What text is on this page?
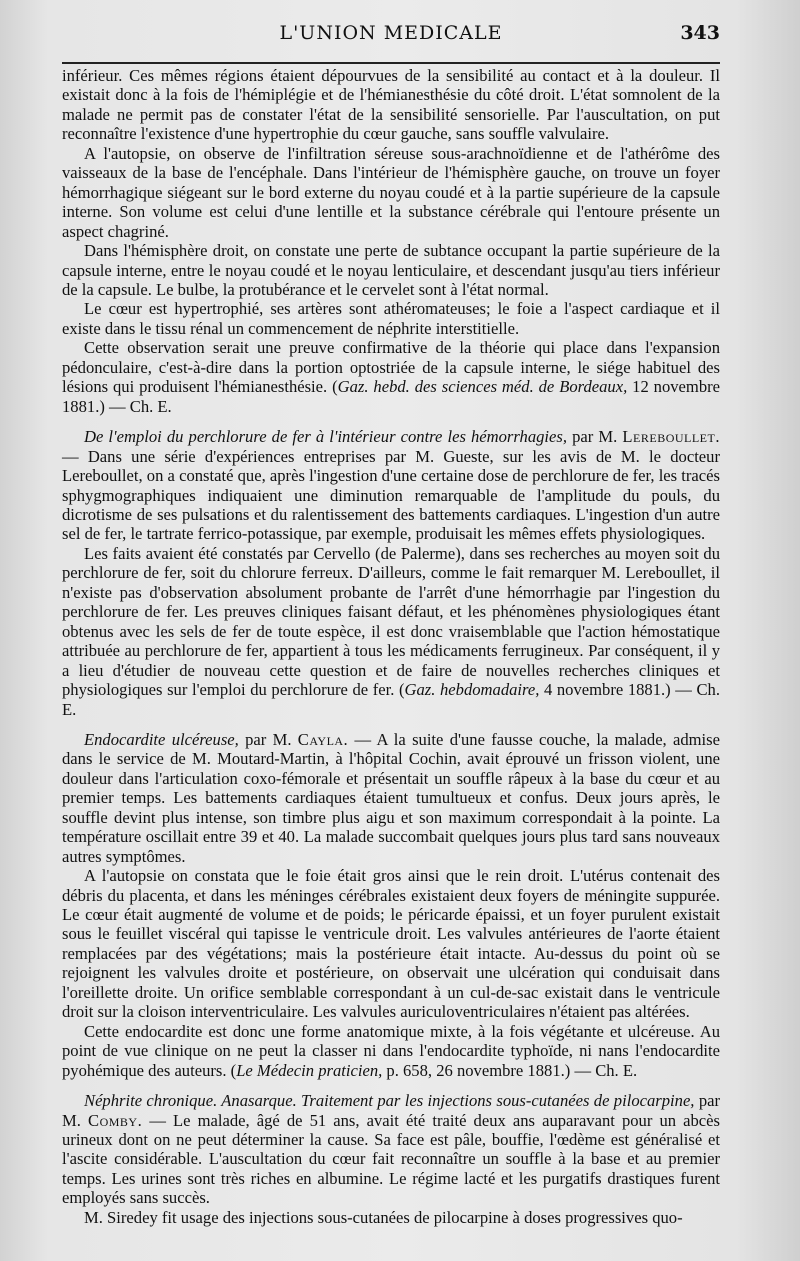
L'UNION MEDICALE	343

inférieur. Ces mêmes régions étaient dépourvues de la sensibilité au contact et à la douleur. Il existait donc à la fois de l'hémiplégie et de l'hémianesthésie du côté droit. L'état somnolent de la malade ne permit pas de constater l'état de la sensibilité sensorielle. Par l'auscultation, on put reconnaître l'existence d'une hypertrophie du cœur gauche, sans souffle valvulaire.

A l'autopsie, on observe de l'infiltration séreuse sous-arachnoïdienne et de l'athérôme des vaisseaux de la base de l'encéphale. Dans l'intérieur de l'hémisphère gauche, on trouve un foyer hémorrhagique siégeant sur le bord externe du noyau coudé et à la partie supérieure de la capsule interne. Son volume est celui d'une lentille et la substance cérébrale qui l'entoure présente un aspect chagriné.

Dans l'hémisphère droit, on constate une perte de subtance occupant la partie supérieure de la capsule interne, entre le noyau coudé et le noyau lenticulaire, et descendant jusqu'au tiers inférieur de la capsule. Le bulbe, la protubérance et le cervelet sont à l'état normal.

Le cœur est hypertrophié, ses artères sont athéromateuses; le foie a l'aspect cardiaque et il existe dans le tissu rénal un commencement de néphrite interstitielle.

Cette observation serait une preuve confirmative de la théorie qui place dans l'expansion pédonculaire, c'est-à-dire dans la portion optostriée de la capsule interne, le siége habituel des lésions qui produisent l'hémianesthésie. (Gaz. hebd. des sciences méd. de Bordeaux, 12 novembre 1881.) — Ch. E.

De l'emploi du perchlorure de fer à l'intérieur contre les hémorrhagies, par M. Lereboullet. — Dans une série d'expériences entreprises par M. Gueste, sur les avis de M. le docteur Lereboullet, on a constaté que, après l'ingestion d'une certaine dose de perchlorure de fer, les tracés sphygmographiques indiquaient une diminution remarquable de l'amplitude du pouls, du dicrotisme de ses pulsations et du ralentissement des battements cardiaques. L'ingestion d'un autre sel de fer, le tartrate ferrico-potassique, par exemple, produisait les mêmes effets physiologiques.

Les faits avaient été constatés par Cervello (de Palerme), dans ses recherches au moyen soit du perchlorure de fer, soit du chlorure ferreux. D'ailleurs, comme le fait remarquer M. Lereboullet, il n'existe pas d'observation absolument probante de l'arrêt d'une hémorrhagie par l'ingestion du perchlorure de fer. Les preuves cliniques faisant défaut, et les phénomènes physiologiques étant obtenus avec les sels de fer de toute espèce, il est donc vraisemblable que l'action hémostatique attribuée au perchlorure de fer, appartient à tous les médicaments ferrugineux. Par conséquent, il y a lieu d'étudier de nouveau cette question et de faire de nouvelles recherches cliniques et physiologiques sur l'emploi du perchlorure de fer. (Gaz. hebdomadaire, 4 novembre 1881.) — Ch. E.

Endocardite ulcéreuse, par M. Cayla. — A la suite d'une fausse couche, la malade, admise dans le service de M. Moutard-Martin, à l'hôpital Cochin, avait éprouvé un frisson violent, une douleur dans l'articulation coxo-fémorale et présentait un souffle râpeux à la base du cœur et au premier temps. Les battements cardiaques étaient tumultueux et confus. Deux jours après, le souffle devint plus intense, son timbre plus aigu et son maximum correspondait à la pointe. La température oscillait entre 39 et 40. La malade succombait quelques jours plus tard sans nouveaux autres symptômes.

A l'autopsie on constata que le foie était gros ainsi que le rein droit. L'utérus contenait des débris du placenta, et dans les méninges cérébrales existaient deux foyers de méningite suppurée. Le cœur était augmenté de volume et de poids; le péricarde épaissi, et un foyer purulent existait sous le feuillet viscéral qui tapisse le ventricule droit. Les valvules antérieures de l'aorte étaient remplacées par des végétations; mais la postérieure était intacte. Au-dessus du point où se rejoignent les valvules droite et postérieure, on observait une ulcération qui conduisait dans l'oreillette droite. Un orifice semblable correspondant à un cul-de-sac existait dans le ventricule droit sur la cloison interventriculaire. Les valvules auriculoventriculaires n'étaient pas altérées.

Cette endocardite est donc une forme anatomique mixte, à la fois végétante et ulcéreuse. Au point de vue clinique on ne peut la classer ni dans l'endocardite typhoïde, ni nans l'endocardite pyohémique des auteurs. (Le Médecin praticien, p. 658, 26 novembre 1881.) — Ch. E.

Néphrite chronique. Anasarque. Traitement par les injections sous-cutanées de pilocarpine, par M. Comby. — Le malade, âgé de 51 ans, avait été traité deux ans auparavant pour un abcès urineux dont on ne peut déterminer la cause. Sa face est pâle, bouffie, l'œdème est généralisé et l'ascite considérable. L'auscultation du cœur fait reconnaître un souffle à la base et au premier temps. Les urines sont très riches en albumine. Le régime lacté et les purgatifs drastiques furent employés sans succès.

M. Siredey fit usage des injections sous-cutanées de pilocarpine à doses progressives quo-
